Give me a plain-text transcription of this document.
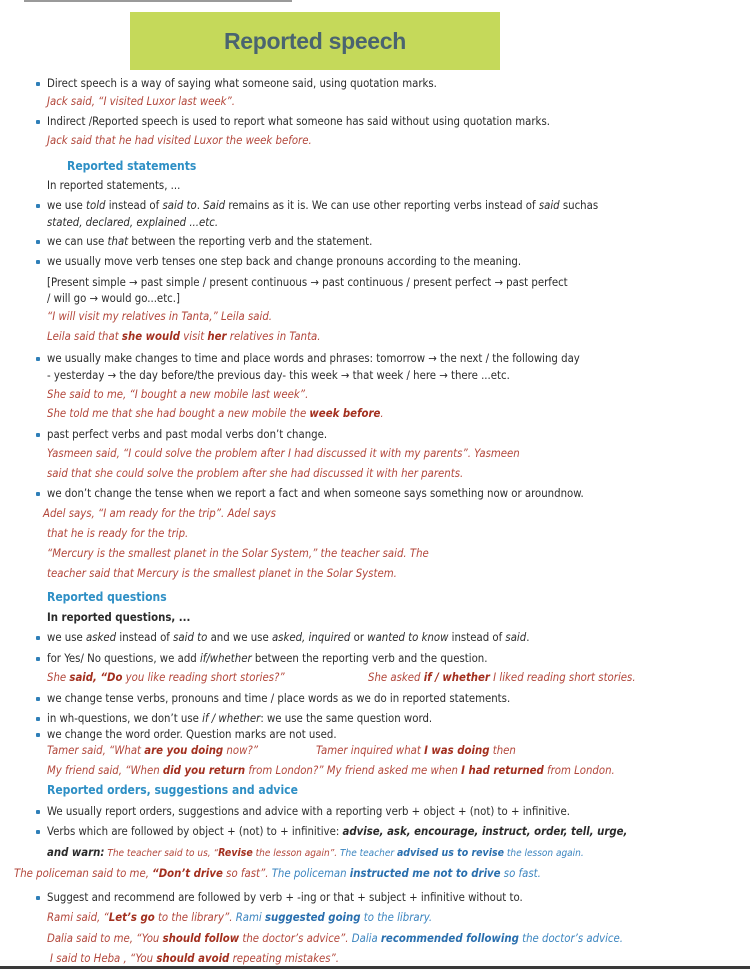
Reported speech
Direct speech is a way of saying what someone said, using quotation marks.
Jack said, “I visited Luxor last week”.
Indirect /Reported speech is used to report what someone has said without using quotation marks.
Jack said that he had visited Luxor the week before.
Reported statements
In reported statements, ...
we use told instead of said to. Said remains as it is. We can use other reporting verbs instead of said suchas
stated, declared, explained ...etc.
we can use that between the reporting verb and the statement.
we usually move verb tenses one step back and change pronouns according to the meaning.
[Present simple → past simple / present continuous → past continuous / present perfect → past perfect
/ will go → would go...etc.]
“I will visit my relatives in Tanta,” Leila said.
Leila said that she would visit her relatives in Tanta.
we usually make changes to time and place words and phrases: tomorrow → the next / the following day
- yesterday → the day before/the previous day- this week → that week / here → there ...etc.
She said to me, “I bought a new mobile last week”.
She told me that she had bought a new mobile the week before.
past perfect verbs and past modal verbs don’t change.
Yasmeen said, “I could solve the problem after I had discussed it with my parents”. Yasmeen
said that she could solve the problem after she had discussed it with her parents.
we don’t change the tense when we report a fact and when someone says something now or aroundnow.
Adel says, “I am ready for the trip”. Adel says
that he is ready for the trip.
“Mercury is the smallest planet in the Solar System,” the teacher said. The
teacher said that Mercury is the smallest planet in the Solar System.
Reported questions
In reported questions, ...
we use asked instead of said to and we use asked, inquired or wanted to know instead of said.
for Yes/ No questions, we add if/whether between the reporting verb and the question.
She said, “Do you like reading short stories?”	She asked if / whether I liked reading short stories.
we change tense verbs, pronouns and time / place words as we do in reported statements.
in wh-questions, we don’t use if / whether: we use the same question word.
we change the word order. Question marks are not used.
Tamer said, “What are you doing now?”	Tamer inquired what I was doing then
My friend said, “When did you return from London?” My friend asked me when I had returned from London.
Reported orders, suggestions and advice
We usually report orders, suggestions and advice with a reporting verb + object + (not) to + infinitive.
Verbs which are followed by object + (not) to + infinitive: advise, ask, encourage, instruct, order, tell, urge,
and warn: The teacher said to us, “Revise the lesson again”. The teacher advised us to revise the lesson again.
The policeman said to me, “Don’t drive so fast”. The policeman instructed me not to drive so fast.
Suggest and recommend are followed by verb + -ing or that + subject + infinitive without to.
Rami said, “Let’s go to the library”. Rami suggested going to the library.
Dalia said to me, “You should follow the doctor’s advice”. Dalia recommended following the doctor’s advice.
I said to Heba , “You should avoid repeating mistakes”.
